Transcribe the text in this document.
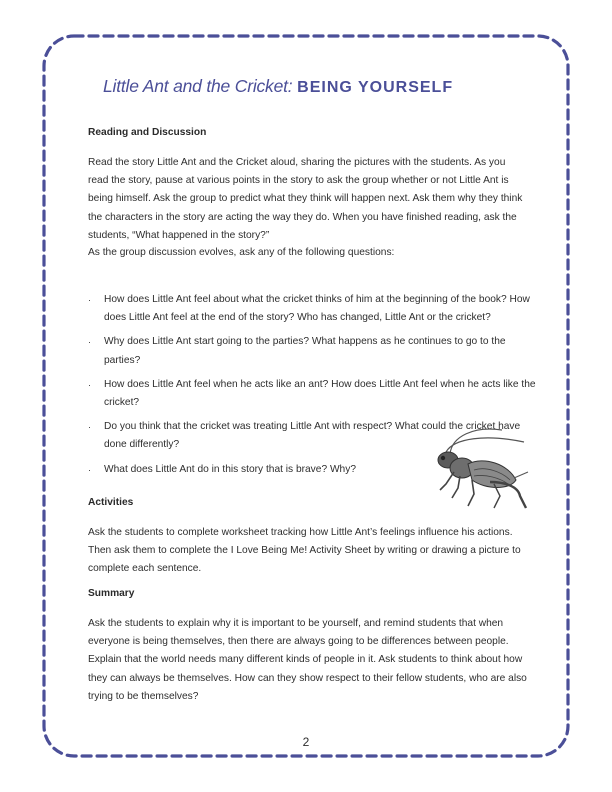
Little Ant and the Cricket: BEING YOURSELF
Reading and Discussion
Read the story Little Ant and the Cricket aloud, sharing the pictures with the students. As you read the story, pause at various points in the story to ask the group whether or not Little Ant is being himself. Ask the group to predict what they think will happen next. Ask them why they think the characters in the story are acting the way they do. When you have finished reading, ask the students, “What happened in the story?”
As the group discussion evolves, ask any of the following questions:
· How does Little Ant feel about what the cricket thinks of him at the beginning of the book? How does Little Ant feel at the end of the story? Who has changed, Little Ant or the cricket?
· Why does Little Ant start going to the parties? What happens as he continues to go to the parties?
· How does Little Ant feel when he acts like an ant? How does Little Ant feel when he acts like the cricket?
· Do you think that the cricket was treating Little Ant with respect? What could the cricket have done differently?
· What does Little Ant do in this story that is brave? Why?
Activities
Ask the students to complete worksheet tracking how Little Ant’s feelings influence his actions. Then ask them to complete the I Love Being Me! Activity Sheet by writing or drawing a picture to complete each sentence.
Summary
Ask the students to explain why it is important to be yourself, and remind students that when everyone is being themselves, then there are always going to be differences between people. Explain that the world needs many different kinds of people in it. Ask students to think about how they can always be themselves. How can they show respect to their fellow students, who are also trying to be themselves?
2
